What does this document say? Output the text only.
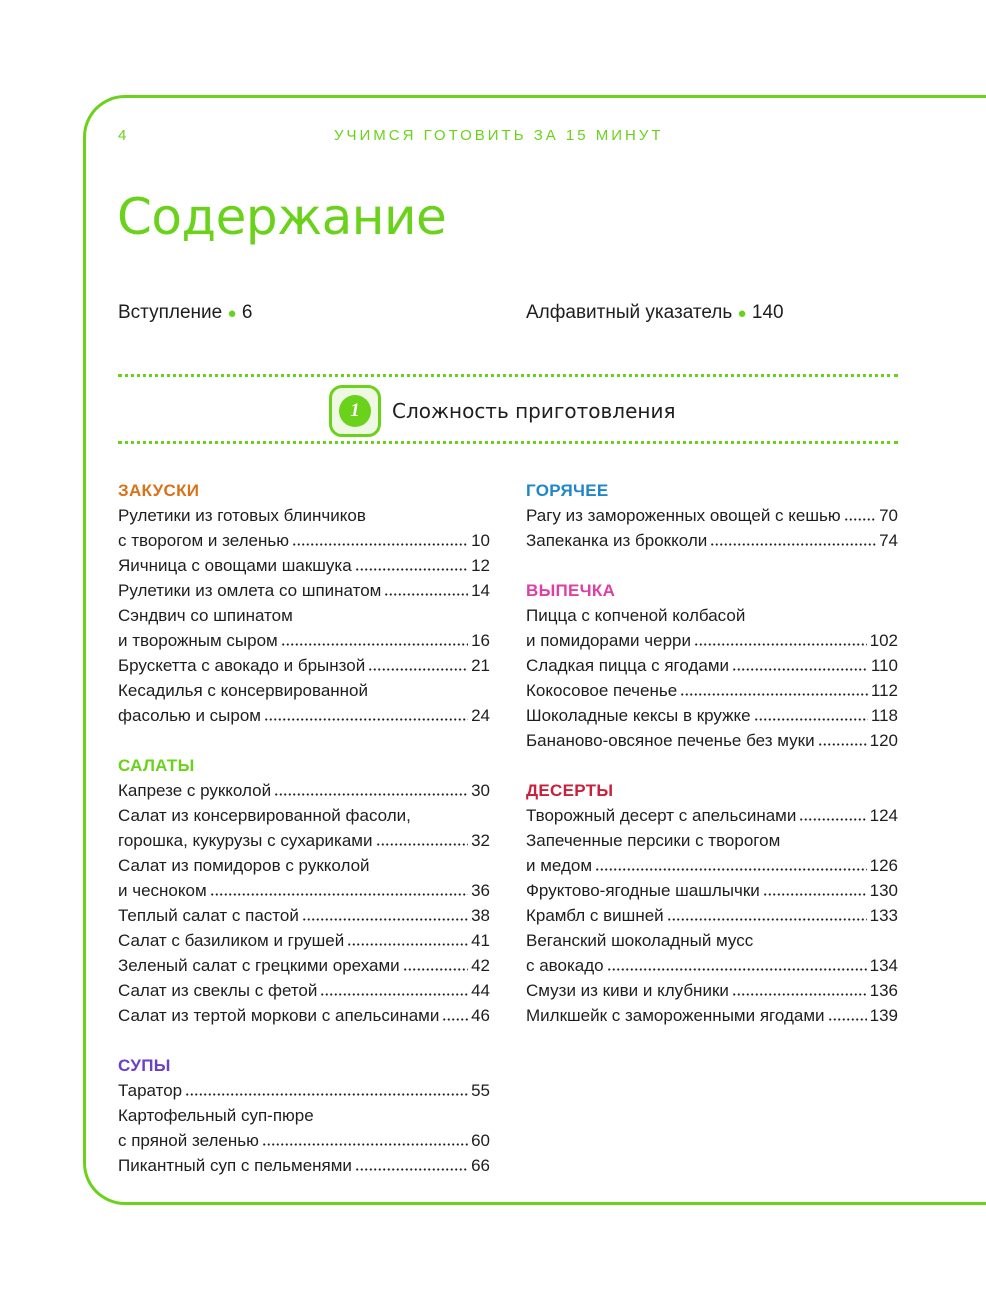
4	УЧИМСЯ ГОТОВИТЬ ЗА 15 МИНУТ
Содержание
Вступление ● 6	Алфавитный указатель ● 140
1	Сложность приготовления
ЗАКУСКИ
Рулетики из готовых блинчиков
с творогом и зеленью	10
Яичница с овощами шакшука	12
Рулетики из омлета со шпинатом	14
Сэндвич со шпинатом
и творожным сыром	16
Брускетта с авокадо и брынзой	21
Кесадилья с консервированной
фасолью и сыром	24
САЛАТЫ
Капрезе с рукколой	30
Салат из консервированной фасоли,
горошка, кукурузы с сухариками	32
Салат из помидоров с рукколой
и чесноком	36
Теплый салат с пастой	38
Салат с базиликом и грушей	41
Зеленый салат с грецкими орехами	42
Салат из свеклы с фетой	44
Салат из тертой моркови с апельсинами 46
СУПЫ
Таратор	55
Картофельный суп-пюре
с пряной зеленью	60
Пикантный суп с пельменями	66
ГОРЯЧЕЕ
Рагу из замороженных овощей с кешью 70
Запеканка из брокколи	74
ВЫПЕЧКА
Пицца с копченой колбасой
и помидорами черри	102
Сладкая пицца с ягодами	110
Кокосовое печенье	112
Шоколадные кексы в кружке	118
Бананово-овсяное печенье без муки	120
ДЕСЕРТЫ
Творожный десерт с апельсинами	124
Запеченные персики с творогом
и медом	126
Фруктово-ягодные шашлычки	130
Крамбл с вишней	133
Веганский шоколадный мусс
с авокадо	134
Смузи из киви и клубники	136
Милкшейк с замороженными ягодами	139
